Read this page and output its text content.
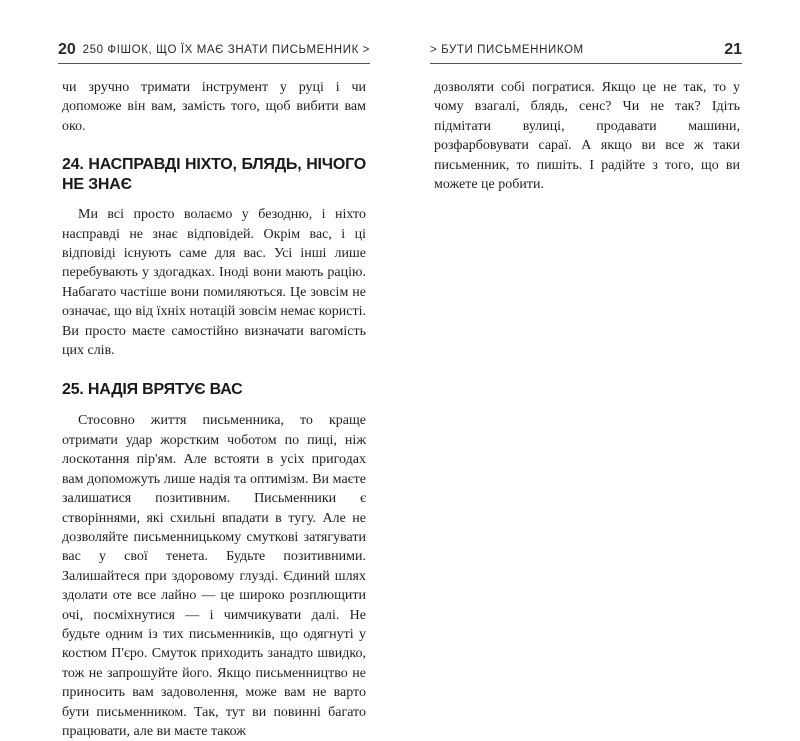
20 250 ФІШОК, ЩО ЇХ МАЄ ЗНАТИ ПИСЬМЕННИК >

чи зручно тримати інструмент у руці і чи допоможе він вам, замість того, щоб вибити вам око.

24. НАСПРАВДІ НІХТО, БЛЯДЬ, НІЧОГО НЕ ЗНАЄ

Ми всі просто волаємо у безодню, і ніхто насправді не знає відповідей. Окрім вас, і ці відповіді існують саме для вас. Усі інші лише перебувають у здогадках. Іноді вони мають рацію. Набагато частіше вони помиляються. Це зовсім не означає, що від їхніх нотацій зовсім немає користі. Ви просто маєте самостійно визначати вагомість цих слів.

25. НАДІЯ ВРЯТУЄ ВАС

Стосовно життя письменника, то краще отримати удар жорстким чоботом по пиці, ніж лоскотання пір'ям. Але встояти в усіх пригодах вам допоможуть лише надія та оптимізм. Ви маєте залишатися позитивним. Письменники є створіннями, які схильні впадати в тугу. Але не дозволяйте письменницькому смуткові затягувати вас у свої тенета. Будьте позитивними. Залишайтеся при здоровому глузді. Єдиний шлях здолати оте все лайно — це широко розплющити очі, посміхнутися — і чимчикувати далі. Не будьте одним із тих письменників, що одягнуті у костюм П'єро. Смуток приходить занадто швидко, тож не запрошуйте його. Якщо письменництво не приносить вам задоволення, може вам не варто бути письменником. Так, тут ви повинні багато працювати, але ви маєте також

> БУТИ ПИСЬМЕННИКОМ	21

дозволяти собі погратися. Якщо це не так, то у чому взагалі, блядь, сенс? Чи не так? Ідіть підмітати вулиці, продавати машини, розфарбовувати сараї. А якщо ви все ж таки письменник, то пишіть. І радійте з того, що ви можете це робити.
